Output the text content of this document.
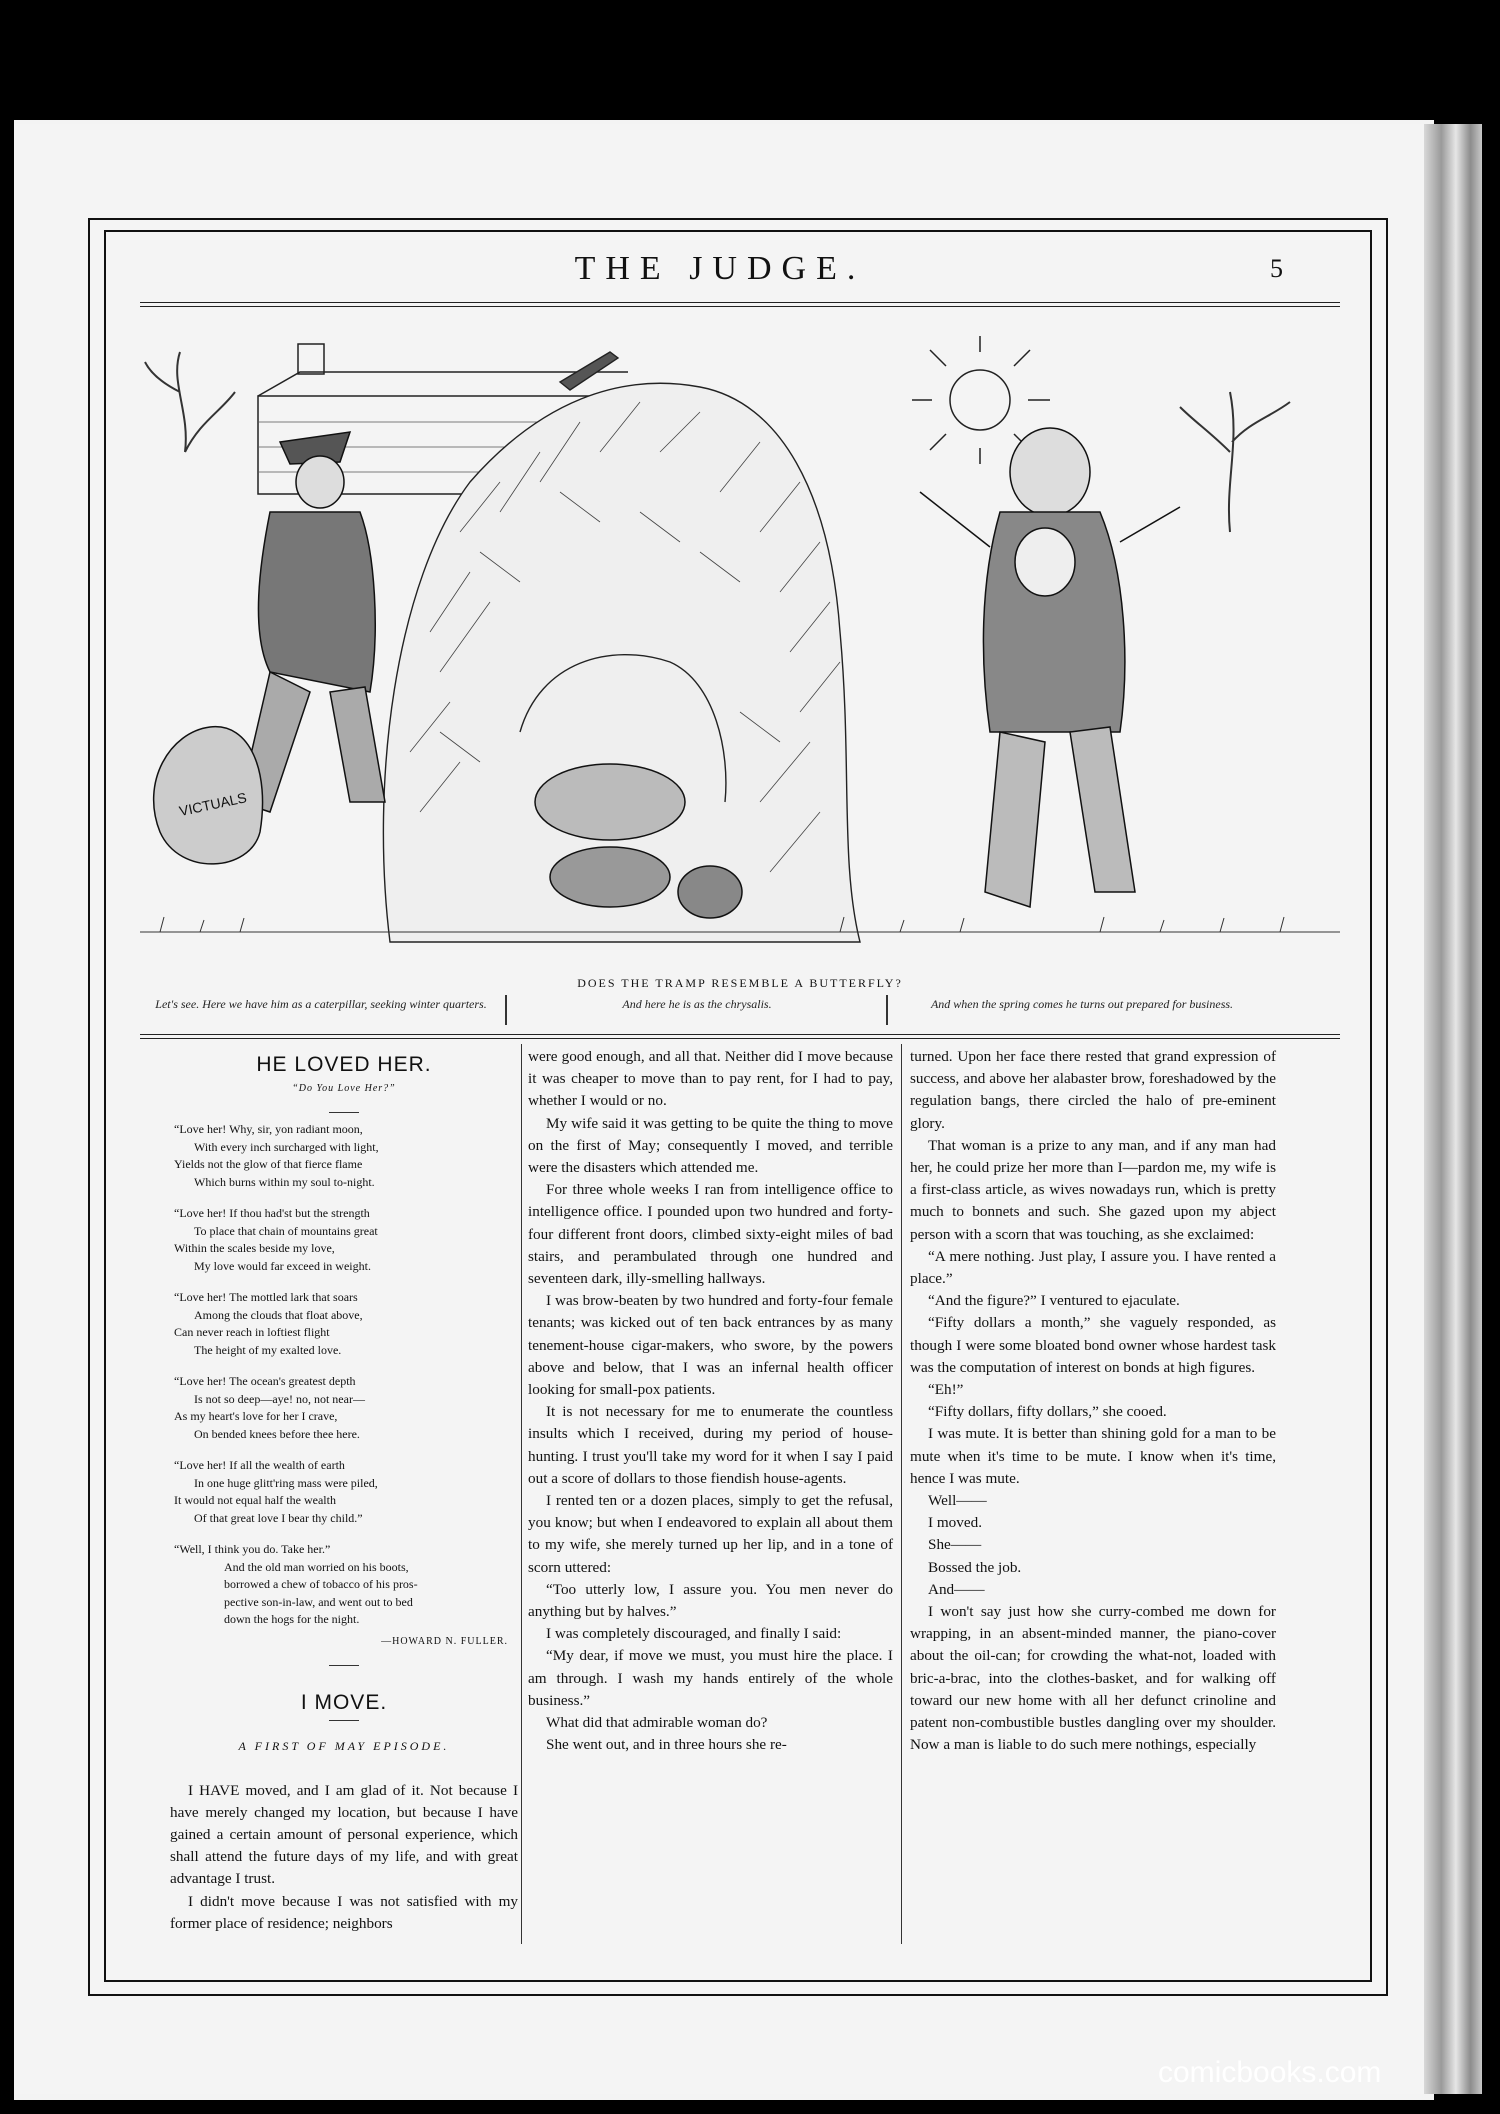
THE JUDGE.	5
VICTUALS
DOES THE TRAMP RESEMBLE A BUTTERFLY?
Let's see. Here we have him as a caterpillar, seeking winter quarters.	And here he is as the chrysalis.	And when the spring comes he turns out prepared for business.
HE LOVED HER.
“Do You Love Her?”
“Love her! Why, sir, yon radiant moon,
With every inch surcharged with light,
Yields not the glow of that fierce flame
Which burns within my soul to-night.
“Love her! If thou had'st but the strength
To place that chain of mountains great
Within the scales beside my love,
My love would far exceed in weight.
“Love her! The mottled lark that soars
Among the clouds that float above,
Can never reach in loftiest flight
The height of my exalted love.
“Love her! The ocean's greatest depth
Is not so deep—aye! no, not near—
As my heart's love for her I crave,
On bended knees before thee here.
“Love her! If all the wealth of earth
In one huge glitt'ring mass were piled,
It would not equal half the wealth
Of that great love I bear thy child.”
“Well, I think you do. Take her.”
And the old man worried on his boots,
borrowed a chew of tobacco of his pros-
pective son-in-law, and went out to bed
down the hogs for the night.
—HOWARD N. FULLER.
I MOVE.
A FIRST OF MAY EPISODE.

I HAVE moved, and I am glad of it. Not because I have merely changed my location, but because I have gained a certain amount of personal experience, which shall attend the future days of my life, and with great advantage I trust.

I didn't move because I was not satisfied with my former place of residence; neighbors

were good enough, and all that. Neither did I move because it was cheaper to move than to pay rent, for I had to pay, whether I would or no.

My wife said it was getting to be quite the thing to move on the first of May; consequently I moved, and terrible were the disasters which attended me.

For three whole weeks I ran from intelligence office to intelligence office. I pounded upon two hundred and forty-four different front doors, climbed sixty-eight miles of bad stairs, and perambulated through one hundred and seventeen dark, illy-smelling hallways.

I was brow-beaten by two hundred and forty-four female tenants; was kicked out of ten back entrances by as many tenement-house cigar-makers, who swore, by the powers above and below, that I was an infernal health officer looking for small-pox patients.

It is not necessary for me to enumerate the countless insults which I received, during my period of house-hunting. I trust you'll take my word for it when I say I paid out a score of dollars to those fiendish house-agents.

I rented ten or a dozen places, simply to get the refusal, you know; but when I endeavored to explain all about them to my wife, she merely turned up her lip, and in a tone of scorn uttered:

“Too utterly low, I assure you. You men never do anything but by halves.”

I was completely discouraged, and finally I said:

“My dear, if move we must, you must hire the place. I am through. I wash my hands entirely of the whole business.”

What did that admirable woman do?

She went out, and in three hours she re-

turned. Upon her face there rested that grand expression of success, and above her alabaster brow, foreshadowed by the regulation bangs, there circled the halo of pre-eminent glory.

That woman is a prize to any man, and if any man had her, he could prize her more than I—pardon me, my wife is a first-class article, as wives nowadays run, which is pretty much to bonnets and such. She gazed upon my abject person with a scorn that was touching, as she exclaimed:

“A mere nothing. Just play, I assure you. I have rented a place.”

“And the figure?” I ventured to ejaculate.

“Fifty dollars a month,” she vaguely responded, as though I were some bloated bond owner whose hardest task was the computation of interest on bonds at high figures.

“Eh!”

“Fifty dollars, fifty dollars,” she cooed.

I was mute. It is better than shining gold for a man to be mute when it's time to be mute. I know when it's time, hence I was mute.

Well——

I moved.

She——

Bossed the job.

And——

I won't say just how she curry-combed me down for wrapping, in an absent-minded manner, the piano-cover about the oil-can; for crowding the what-not, loaded with bric-a-brac, into the clothes-basket, and for walking off toward our new home with all her defunct crinoline and patent non-combustible bustles dangling over my shoulder. Now a man is liable to do such mere nothings, especially

comicbooks.com
